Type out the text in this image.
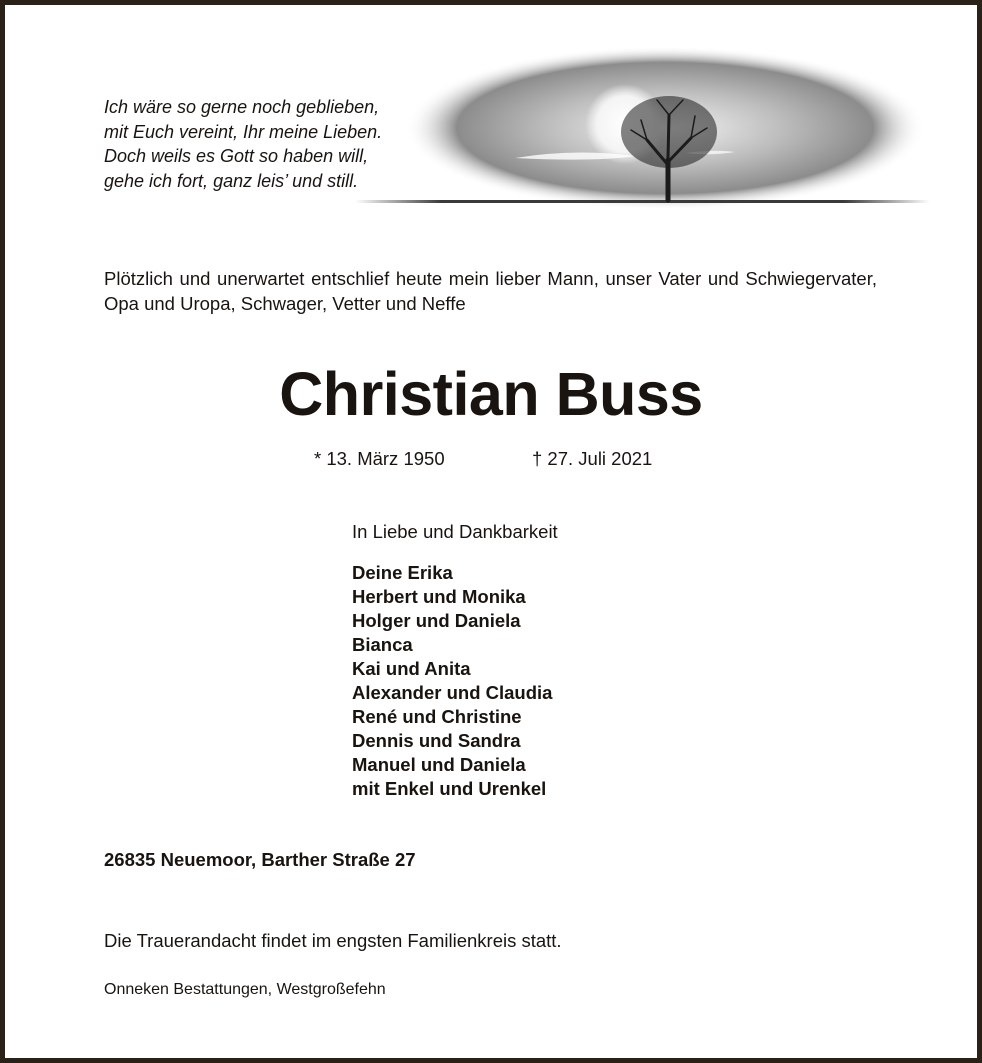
Ich wäre so gerne noch geblieben,
mit Euch vereint, Ihr meine Lieben.
Doch weils es Gott so haben will,
gehe ich fort, ganz leis’ und still.
Plötzlich und unerwartet entschlief heute mein lieber Mann, unser Vater und Schwiegervater, Opa und Uropa, Schwager, Vetter und Neffe
Christian Buss
* 13. März 1950	† 27. Juli 2021
In Liebe und Dankbarkeit
Deine Erika
Herbert und Monika
Holger und Daniela
Bianca
Kai und Anita
Alexander und Claudia
René und Christine
Dennis und Sandra
Manuel und Daniela
mit Enkel und Urenkel
26835 Neuemoor, Barther Straße 27
Die Trauerandacht findet im engsten Familienkreis statt.
Onneken Bestattungen, Westgroßefehn
